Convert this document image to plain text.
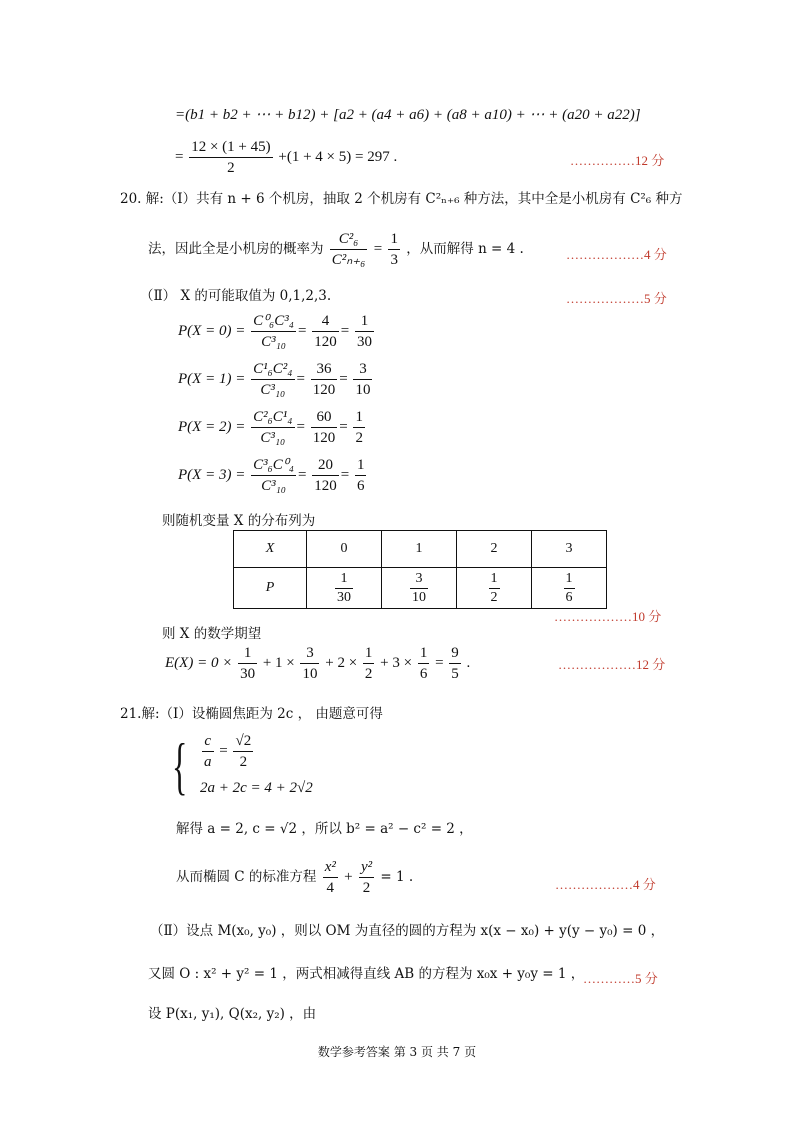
=(b1 + b2 + ⋯ + b12) + [a2 + (a4 + a6) + (a8 + a10) + ⋯ + (a20 + a22)]
= $\frac{12 \times (1 + 45)}{2} +(1 + 4 \times 5) = 297$ .	……………12 分
20. 解:（Ⅰ）共有 n + 6 个机房，抽取 2 个机房有 C²ₙ₊₆ 种方法，其中全是小机房有 C²₆ 种方
法，因此全是小机房的概率为 $\frac{\text{C²₆}}{\text{C²ₙ₊₆}} = \frac{1}{3}$ ，从而解得 n = 4 .	………………4 分
（Ⅱ） X 的可能取值为 0,1,2,3.	………………5 分
$P(X = 0) = \frac{\text{C⁰₆C³₄}}{\text{C³₁₀}} = \frac{4}{120} = \frac{1}{30}$
$P(X = 1) = \frac{\text{C¹₆C²₄}}{\text{C³₁₀}} = \frac{36}{120} = \frac{3}{10}$
$P(X = 2) = \frac{\text{C²₆C¹₄}}{\text{C³₁₀}} = \frac{60}{120} = \frac{1}{2}$
$P(X = 3) = \frac{\text{C³₆C⁰₄}}{\text{C³₁₀}} = \frac{20}{120} = \frac{1}{6}$
则随机变量 X 的分布列为
X	0	1	2	3
P	$\frac{1}{30}$	$\frac{3}{10}$	$\frac{1}{2}$	$\frac{1}{6}$
………………10 分
则 X 的数学期望
$E(X) = 0 \times \frac{1}{30} + 1 \times \frac{3}{10} + 2 \times \frac{1}{2} + 3 \times \frac{1}{6} = \frac{9}{5}$ .	………………12 分
21.解:（Ⅰ）设椭圆焦距为 2c ， 由题意可得
{ $\frac{c}{a} = \frac{√2}{2}$
2a + 2c = 4 + 2√2
解得 a = 2, c = √2 ，所以 b² = a² − c² = 2 ，
从而椭圆 C 的标准方程 $\frac{\text{x²}}{4} + \frac{\text{y²}}{2} = 1$ .	………………4 分
（Ⅱ）设点 M(x₀, y₀) ，则以 OM 为直径的圆的方程为 x(x − x₀) + y(y − y₀) = 0 ，
又圆 O : x² + y² = 1 ，两式相减得直线 AB 的方程为 x₀x + y₀y = 1 ，
…………5 分
设 P(x₁, y₁), Q(x₂, y₂) ，由
数学参考答案 第 3 页 共 7 页
